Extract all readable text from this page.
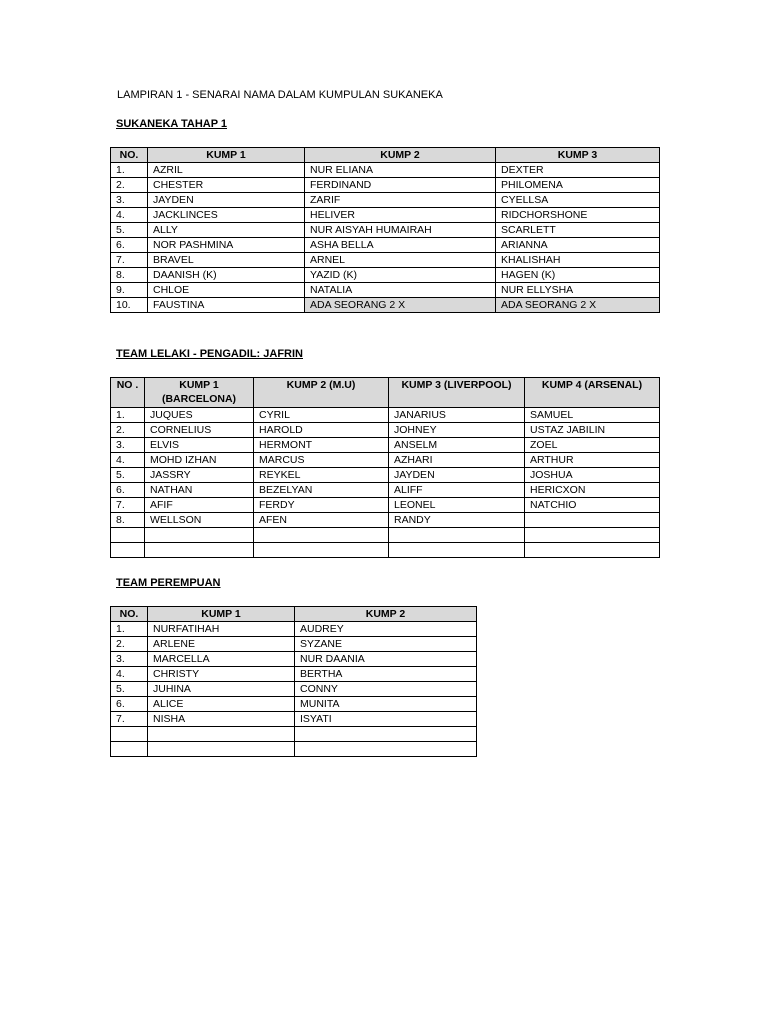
LAMPIRAN 1 - SENARAI NAMA DALAM KUMPULAN SUKANEKA
SUKANEKA TAHAP 1
NO.	KUMP 1	KUMP 2	KUMP 3
1.	AZRIL	NUR ELIANA	DEXTER
2.	CHESTER	FERDINAND	PHILOMENA
3.	JAYDEN	ZARIF	CYELLSA
4.	JACKLINCES	HELIVER	RIDCHORSHONE
5.	ALLY	NUR AISYAH HUMAIRAH	SCARLETT
6.	NOR PASHMINA	ASHA BELLA	ARIANNA
7.	BRAVEL	ARNEL	KHALISHAH
8.	DAANISH (K)	YAZID (K)	HAGEN (K)
9.	CHLOE	NATALIA	NUR ELLYSHA
10.	FAUSTINA	ADA SEORANG 2 X	ADA SEORANG 2 X
TEAM LELAKI - PENGADIL: JAFRIN
NO .	KUMP 1 (BARCELONA)	KUMP 2 (M.U)	KUMP 3 (LIVERPOOL)	KUMP 4 (ARSENAL)
1.	JUQUES	CYRIL	JANARIUS	SAMUEL
2.	CORNELIUS	HAROLD	JOHNEY	USTAZ JABILIN
3.	ELVIS	HERMONT	ANSELM	ZOEL
4.	MOHD IZHAN	MARCUS	AZHARI	ARTHUR
5.	JASSRY	REYKEL	JAYDEN	JOSHUA
6.	NATHAN	BEZELYAN	ALIFF	HERICXON
7.	AFIF	FERDY	LEONEL	NATCHIO
8.	WELLSON	AFEN	RANDY	

TEAM PEREMPUAN
NO.	KUMP 1	KUMP 2
1.	NURFATIHAH	AUDREY
2.	ARLENE	SYZANE
3.	MARCELLA	NUR DAANIA
4.	CHRISTY	BERTHA
5.	JUHINA	CONNY
6.	ALICE	MUNITA
7.	NISHA	ISYATI
